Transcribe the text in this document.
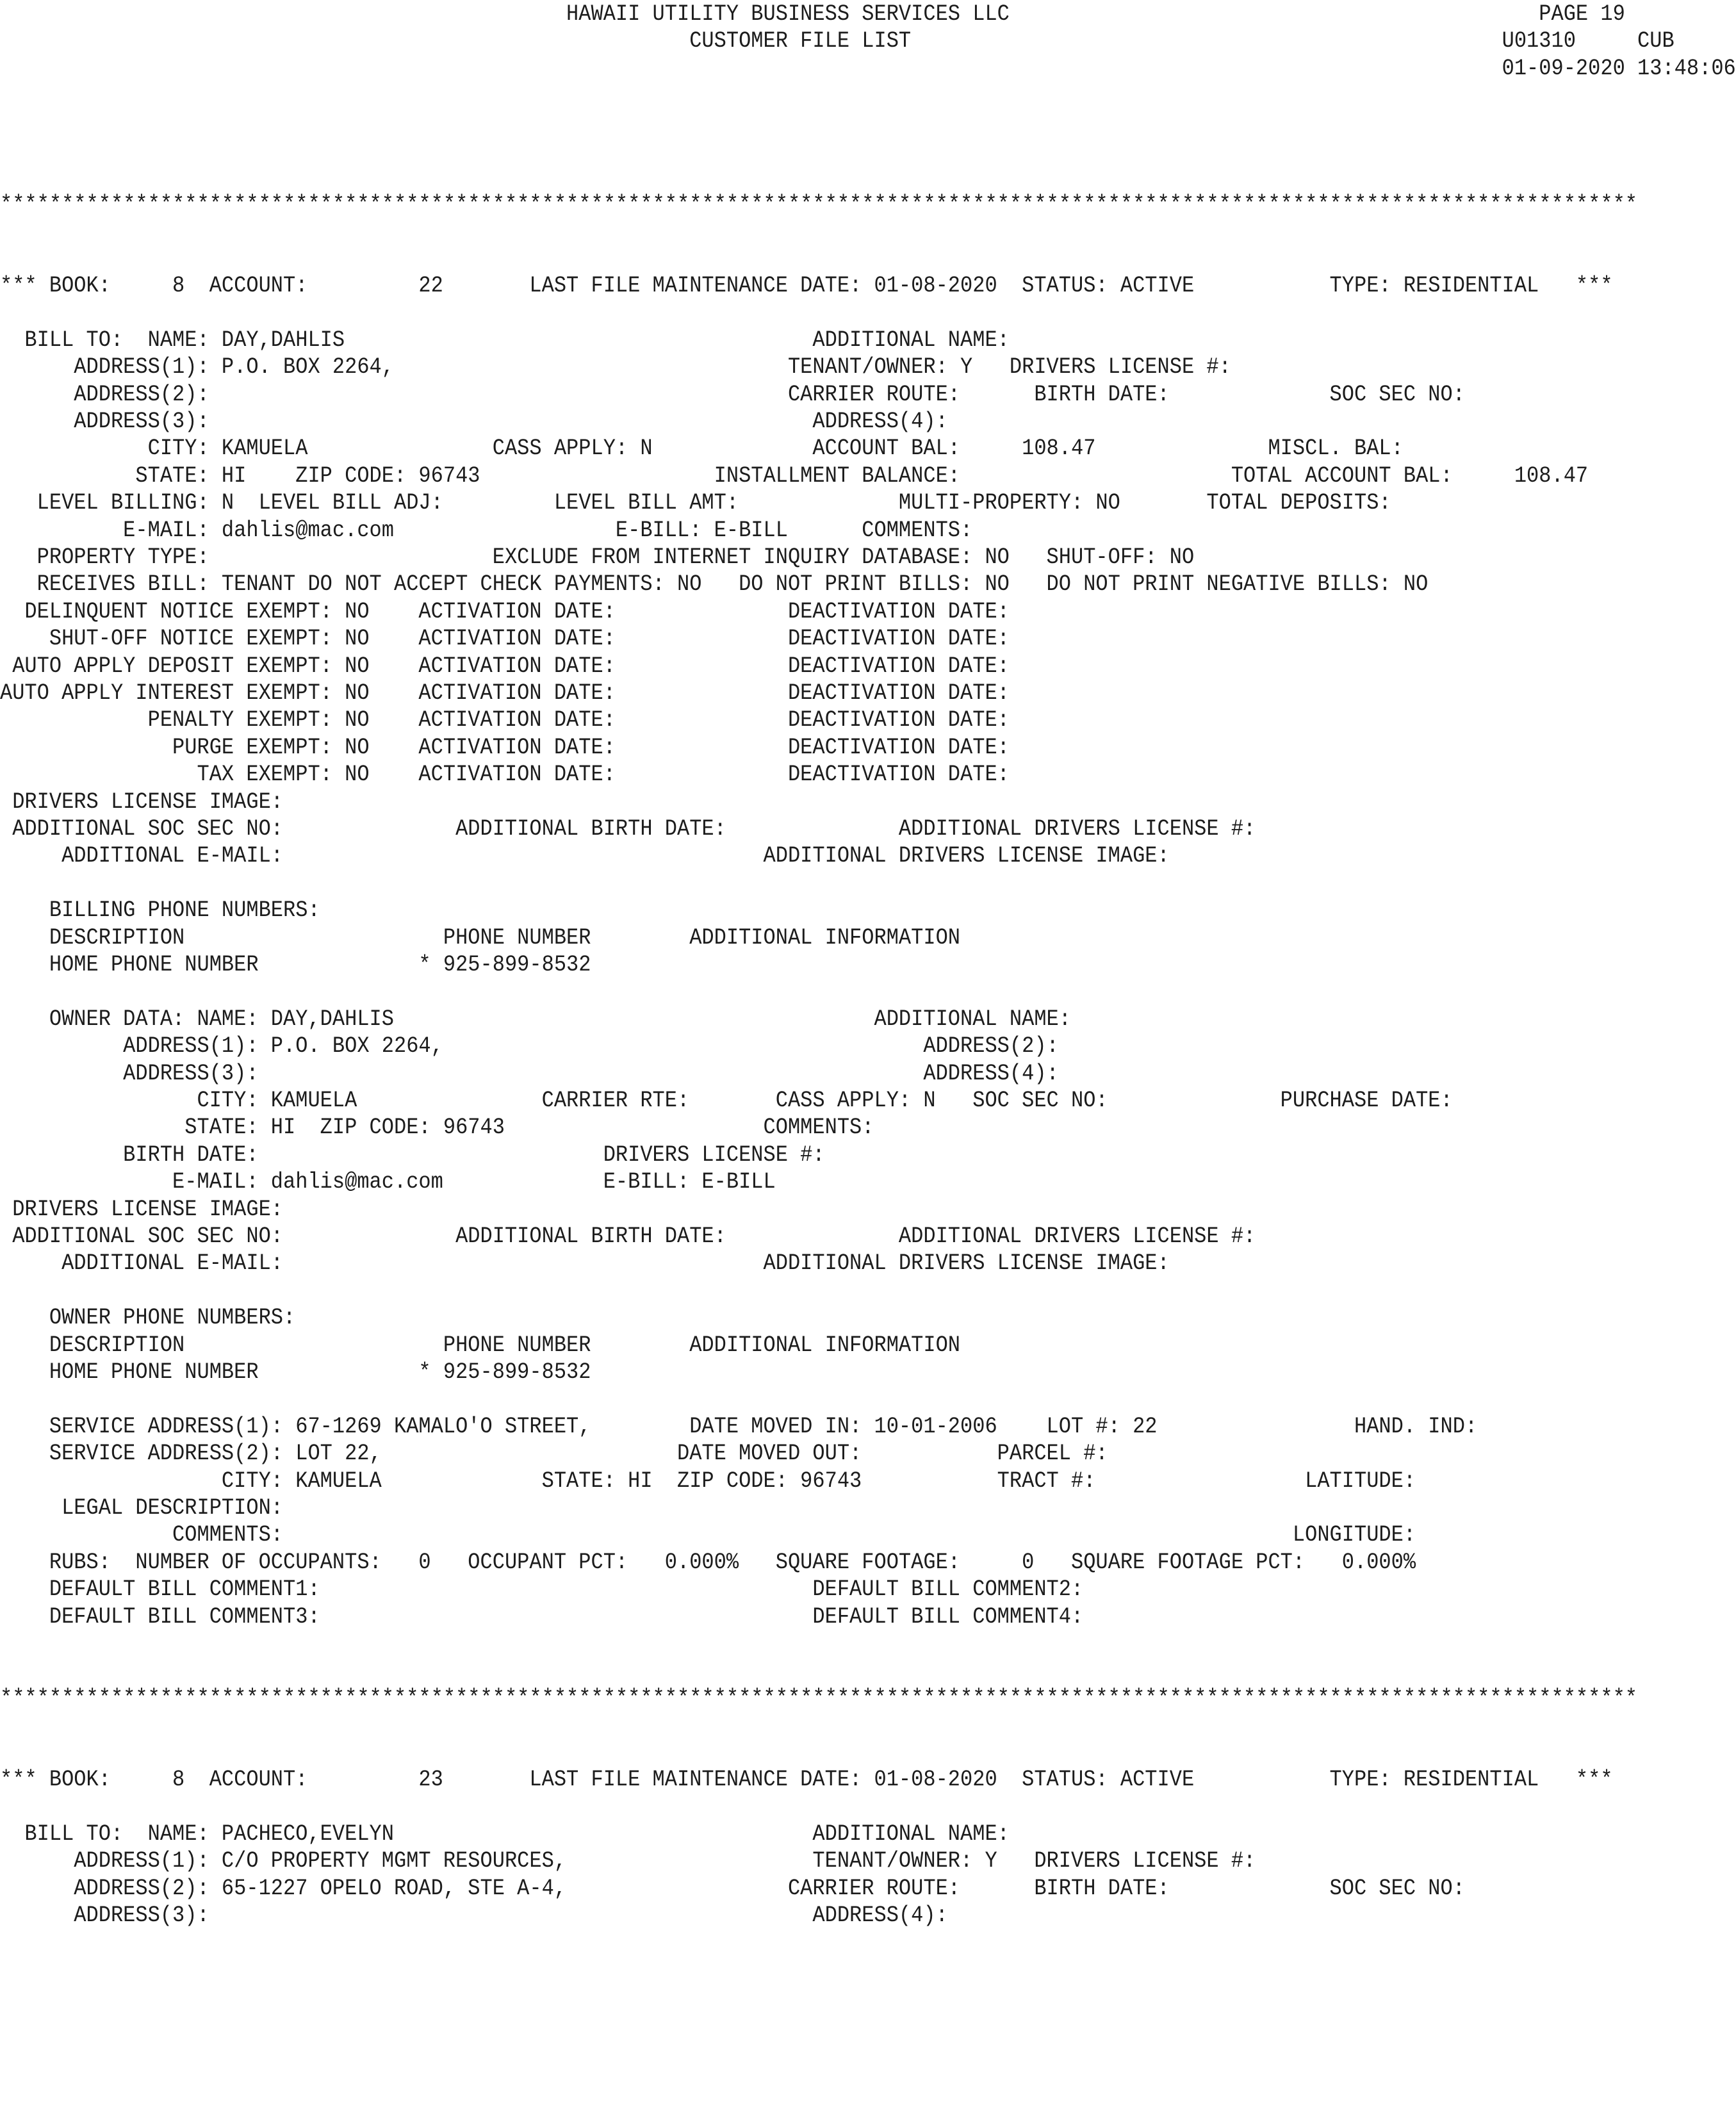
HAWAII UTILITY BUSINESS SERVICES LLC                                           PAGE 19
CUSTOMER FILE LIST                                                U01310     CUB
01-09-2020 13:48:06
*************************************************************************************************************************************
*** BOOK:     8  ACCOUNT:         22       LAST FILE MAINTENANCE DATE: 01-08-2020  STATUS: ACTIVE           TYPE: RESIDENTIAL   ***
BILL TO:  NAME: DAY,DAHLIS                                      ADDITIONAL NAME:
ADDRESS(1): P.O. BOX 2264,                                TENANT/OWNER: Y   DRIVERS LICENSE #:
ADDRESS(2):                                               CARRIER ROUTE:      BIRTH DATE:             SOC SEC NO:
ADDRESS(3):                                                 ADDRESS(4):
CITY: KAMUELA               CASS APPLY: N             ACCOUNT BAL:     108.47              MISCL. BAL:
STATE: HI    ZIP CODE: 96743                   INSTALLMENT BALANCE:                      TOTAL ACCOUNT BAL:     108.47
LEVEL BILLING: N  LEVEL BILL ADJ:         LEVEL BILL AMT:             MULTI-PROPERTY: NO       TOTAL DEPOSITS:
E-MAIL: dahlis@mac.com                  E-BILL: E-BILL      COMMENTS:
PROPERTY TYPE:                       EXCLUDE FROM INTERNET INQUIRY DATABASE: NO   SHUT-OFF: NO
RECEIVES BILL: TENANT DO NOT ACCEPT CHECK PAYMENTS: NO   DO NOT PRINT BILLS: NO   DO NOT PRINT NEGATIVE BILLS: NO
DELINQUENT NOTICE EXEMPT: NO    ACTIVATION DATE:              DEACTIVATION DATE:
SHUT-OFF NOTICE EXEMPT: NO    ACTIVATION DATE:              DEACTIVATION DATE:
AUTO APPLY DEPOSIT EXEMPT: NO    ACTIVATION DATE:              DEACTIVATION DATE:
AUTO APPLY INTEREST EXEMPT: NO    ACTIVATION DATE:              DEACTIVATION DATE:
PENALTY EXEMPT: NO    ACTIVATION DATE:              DEACTIVATION DATE:
PURGE EXEMPT: NO    ACTIVATION DATE:              DEACTIVATION DATE:
TAX EXEMPT: NO    ACTIVATION DATE:              DEACTIVATION DATE:
DRIVERS LICENSE IMAGE:
ADDITIONAL SOC SEC NO:              ADDITIONAL BIRTH DATE:              ADDITIONAL DRIVERS LICENSE #:
ADDITIONAL E-MAIL:                                       ADDITIONAL DRIVERS LICENSE IMAGE:
BILLING PHONE NUMBERS:
DESCRIPTION                     PHONE NUMBER        ADDITIONAL INFORMATION
HOME PHONE NUMBER             * 925-899-8532
OWNER DATA: NAME: DAY,DAHLIS                                       ADDITIONAL NAME:
ADDRESS(1): P.O. BOX 2264,                                       ADDRESS(2):
ADDRESS(3):                                                      ADDRESS(4):
CITY: KAMUELA               CARRIER RTE:       CASS APPLY: N   SOC SEC NO:              PURCHASE DATE:
STATE: HI  ZIP CODE: 96743                     COMMENTS:
BIRTH DATE:                            DRIVERS LICENSE #:
E-MAIL: dahlis@mac.com             E-BILL: E-BILL
DRIVERS LICENSE IMAGE:
ADDITIONAL SOC SEC NO:              ADDITIONAL BIRTH DATE:              ADDITIONAL DRIVERS LICENSE #:
ADDITIONAL E-MAIL:                                       ADDITIONAL DRIVERS LICENSE IMAGE:
OWNER PHONE NUMBERS:
DESCRIPTION                     PHONE NUMBER        ADDITIONAL INFORMATION
HOME PHONE NUMBER             * 925-899-8532
SERVICE ADDRESS(1): 67-1269 KAMALO'O STREET,        DATE MOVED IN: 10-01-2006    LOT #: 22                HAND. IND:
SERVICE ADDRESS(2): LOT 22,                        DATE MOVED OUT:           PARCEL #:
CITY: KAMUELA             STATE: HI  ZIP CODE: 96743           TRACT #:                 LATITUDE:
LEGAL DESCRIPTION:
COMMENTS:                                                                                  LONGITUDE:
RUBS:  NUMBER OF OCCUPANTS:   0   OCCUPANT PCT:   0.000%   SQUARE FOOTAGE:     0   SQUARE FOOTAGE PCT:   0.000%
DEFAULT BILL COMMENT1:                                        DEFAULT BILL COMMENT2:
DEFAULT BILL COMMENT3:                                        DEFAULT BILL COMMENT4:
*************************************************************************************************************************************
*** BOOK:     8  ACCOUNT:         23       LAST FILE MAINTENANCE DATE: 01-08-2020  STATUS: ACTIVE           TYPE: RESIDENTIAL   ***
BILL TO:  NAME: PACHECO,EVELYN                                  ADDITIONAL NAME:
ADDRESS(1): C/O PROPERTY MGMT RESOURCES,                    TENANT/OWNER: Y   DRIVERS LICENSE #:
ADDRESS(2): 65-1227 OPELO ROAD, STE A-4,                  CARRIER ROUTE:      BIRTH DATE:             SOC SEC NO:
ADDRESS(3):                                                 ADDRESS(4):
